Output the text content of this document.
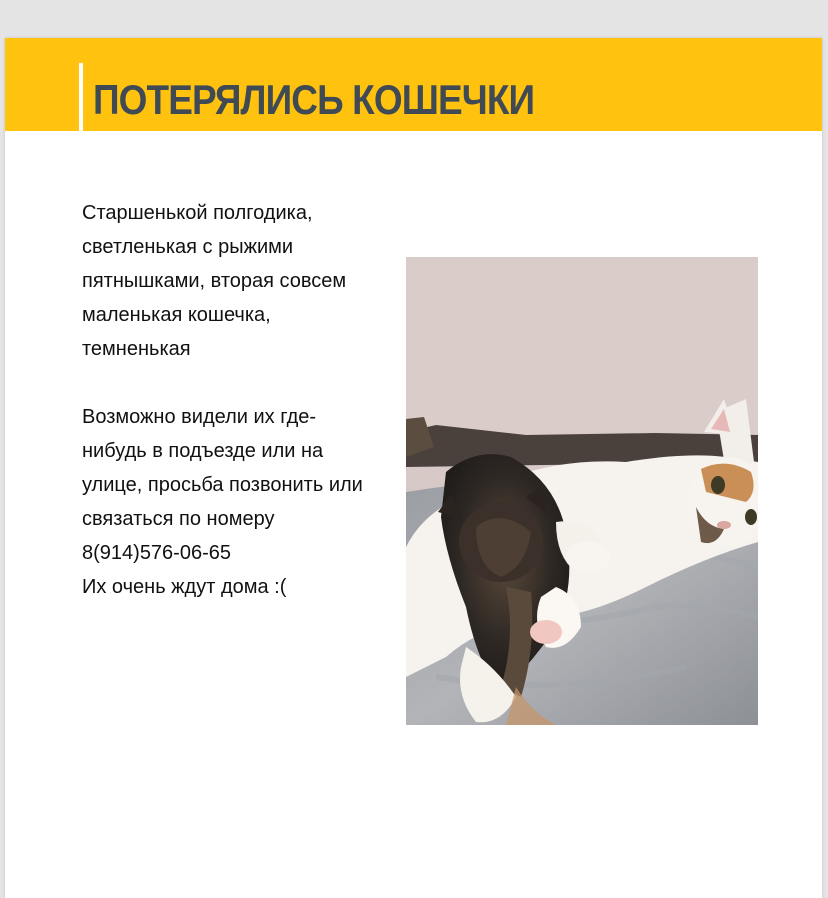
ПОТЕРЯЛИСЬ КОШЕЧКИ

Старшенькой полгодика,
светленькая с рыжими
пятнышками, вторая совсем
маленькая кошечка,
темненькая

Возможно видели их где-
нибудь в подъезде или на
улице, просьба позвонить или
связаться по номеру
8(914)576-06-65
Их очень ждут дома :(
